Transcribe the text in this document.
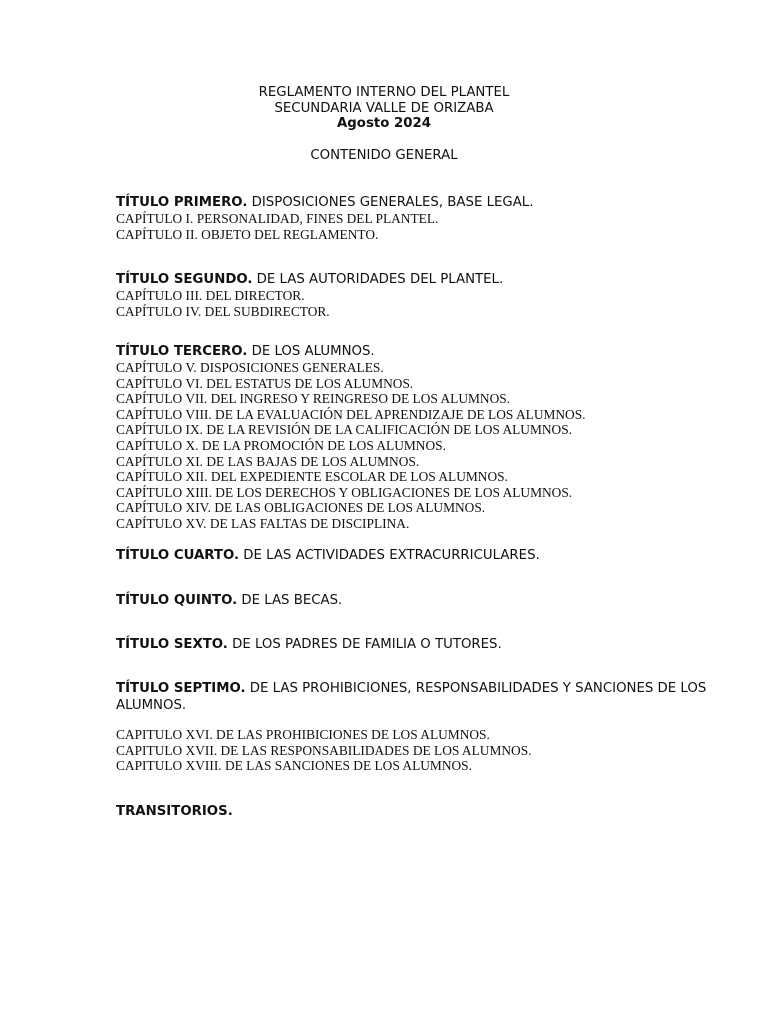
REGLAMENTO INTERNO DEL PLANTEL
SECUNDARIA VALLE DE ORIZABA
Agosto 2024
CONTENIDO GENERAL
TÍTULO PRIMERO. DISPOSICIONES GENERALES, BASE LEGAL.
CAPÍTULO I. PERSONALIDAD, FINES DEL PLANTEL.
CAPÍTULO II. OBJETO DEL REGLAMENTO.
TÍTULO SEGUNDO. DE LAS AUTORIDADES DEL PLANTEL.
CAPÍTULO III. DEL DIRECTOR.
CAPÍTULO IV. DEL SUBDIRECTOR.
TÍTULO TERCERO. DE LOS ALUMNOS.
CAPÍTULO V. DISPOSICIONES GENERALES.
CAPÍTULO VI. DEL ESTATUS DE LOS ALUMNOS.
CAPÍTULO VII. DEL INGRESO Y REINGRESO DE LOS ALUMNOS.
CAPÍTULO VIII. DE LA EVALUACIÓN DEL APRENDIZAJE DE LOS ALUMNOS.
CAPÍTULO IX. DE LA REVISIÓN DE LA CALIFICACIÓN DE LOS ALUMNOS.
CAPÍTULO X. DE LA PROMOCIÓN DE LOS ALUMNOS.
CAPÍTULO XI. DE LAS BAJAS DE LOS ALUMNOS.
CAPÍTULO XII. DEL EXPEDIENTE ESCOLAR DE LOS ALUMNOS.
CAPÍTULO XIII. DE LOS DERECHOS Y OBLIGACIONES DE LOS ALUMNOS.
CAPÍTULO XIV. DE LAS OBLIGACIONES DE LOS ALUMNOS.
CAPÍTULO XV. DE LAS FALTAS DE DISCIPLINA.
TÍTULO CUARTO. DE LAS ACTIVIDADES EXTRACURRICULARES.
TÍTULO QUINTO. DE LAS BECAS.
TÍTULO SEXTO. DE LOS PADRES DE FAMILIA O TUTORES.
TÍTULO SEPTIMO. DE LAS PROHIBICIONES, RESPONSABILIDADES Y SANCIONES DE LOS ALUMNOS.
CAPITULO XVI. DE LAS PROHIBICIONES DE LOS ALUMNOS.
CAPITULO XVII. DE LAS RESPONSABILIDADES DE LOS ALUMNOS.
CAPITULO XVIII. DE LAS SANCIONES DE LOS ALUMNOS.
TRANSITORIOS.
